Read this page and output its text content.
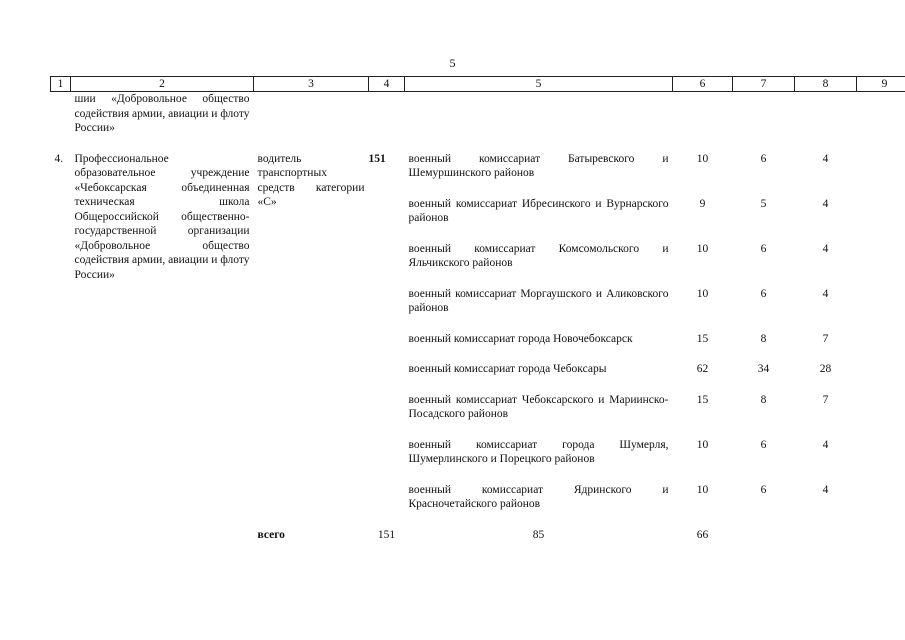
5
1	2	3	4	5	6	7	8	9
	шии «Добровольное общество содействия армии, авиации и флоту России»							

4.	Профессиональное образовательное учреждение «Чебоксарская объединенная техническая школа Общероссийской общественно-государственной организации «Добровольное общество содействия армии, авиации и флоту России»	водитель транспортных средств категории «С»	151	военный комиссариат Батыревского и Шемуршинского районов	10	6	4	

				военный комиссариат Ибресинского и Вурнарского районов	9	5	4	

				военный комиссариат Комсомольского и Яльчикского районов	10	6	4	

				военный комиссариат Моргаушского и Аликовского районов	10	6	4	

				военный комиссариат города Новочебоксарск	15	8	7	

				военный комиссариат города Чебоксары	62	34	28	

				военный комиссариат Чебоксарского и Мариинско-Посадского районов	15	8	7	

				военный комиссариат города Шумерля, Шумерлинского и Порецкого районов	10	6	4	

				военный комиссариат Ядринского и Красночетайского районов	10	6	4	

		всего	151	85	66			
